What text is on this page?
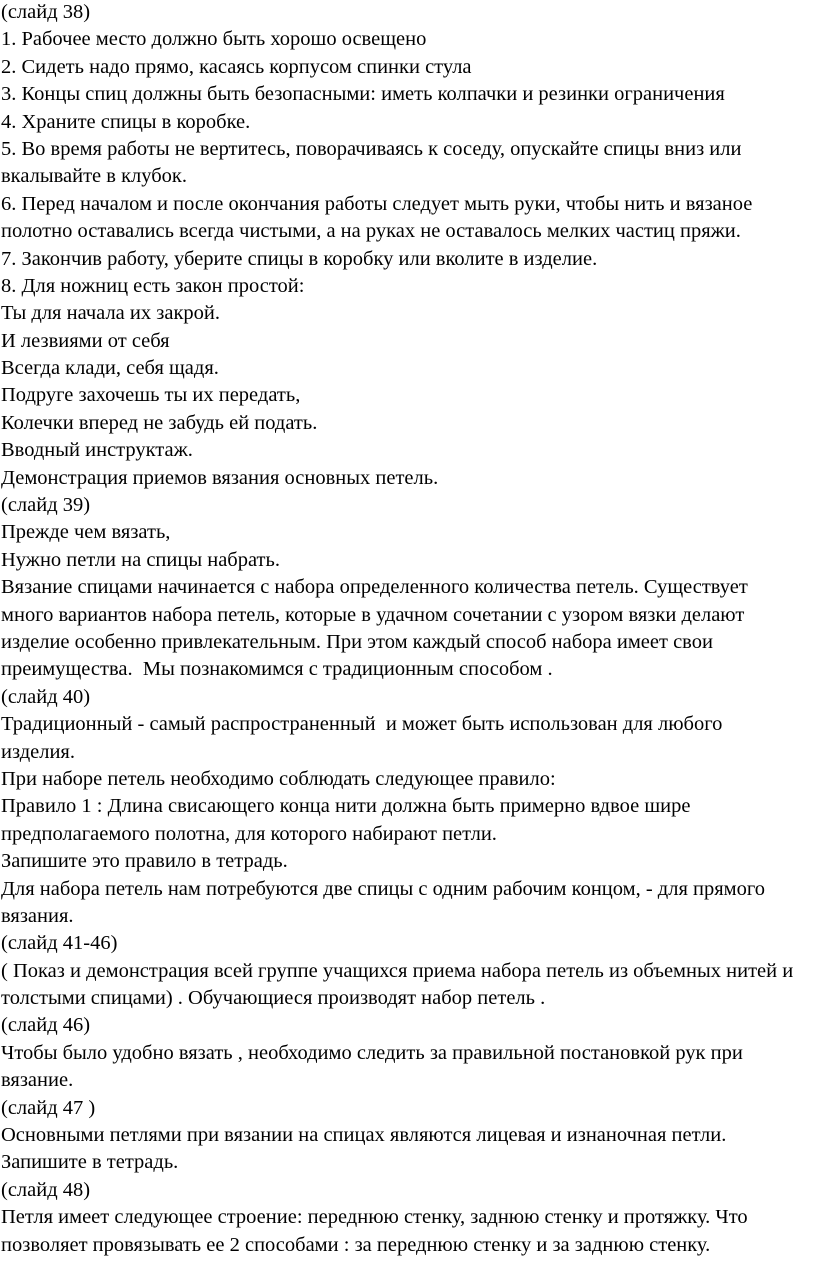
(слайд 38)
1. Рабочее место должно быть хорошо освещено
2. Сидеть надо прямо, касаясь корпусом спинки стула
3. Концы спиц должны быть безопасными: иметь колпачки и резинки ограничения
4. Храните спицы в коробке.
5. Во время работы не вертитесь, поворачиваясь к соседу, опускайте спицы вниз или
вкалывайте в клубок.
6. Перед началом и после окончания работы следует мыть руки, чтобы нить и вязаное
полотно оставались всегда чистыми, а на руках не оставалось мелких частиц пряжи.
7. Закончив работу, уберите спицы в коробку или вколите в изделие.
8. Для ножниц есть закон простой:
Ты для начала их закрой.
И лезвиями от себя
Всегда клади, себя щадя.
Подруге захочешь ты их передать,
Колечки вперед не забудь ей подать.
Вводный инструктаж.
Демонстрация приемов вязания основных петель.
(слайд 39)
Прежде чем вязать,
Нужно петли на спицы набрать.
Вязание спицами начинается с набора определенного количества петель. Существует
много вариантов набора петель, которые в удачном сочетании с узором вязки делают
изделие особенно привлекательным. При этом каждый способ набора имеет свои
преимущества.  Мы познакомимся с традиционным способом .
(слайд 40)
Традиционный - самый распространенный  и может быть использован для любого
изделия.
При наборе петель необходимо соблюдать следующее правило:
Правило 1 : Длина свисающего конца нити должна быть примерно вдвое шире
предполагаемого полотна, для которого набирают петли.
Запишите это правило в тетрадь.
Для набора петель нам потребуются две спицы с одним рабочим концом, - для прямого
вязания.
(слайд 41-46)
( Показ и демонстрация всей группе учащихся приема набора петель из объемных нитей и
толстыми спицами) . Обучающиеся производят набор петель .
(слайд 46)
Чтобы было удобно вязать , необходимо следить за правильной постановкой рук при
вязание.
(слайд 47 )
Основными петлями при вязании на спицах являются лицевая и изнаночная петли.
Запишите в тетрадь.
(слайд 48)
Петля имеет следующее строение: переднюю стенку, заднюю стенку и протяжку. Что
позволяет провязывать ее 2 способами : за переднюю стенку и за заднюю стенку.
